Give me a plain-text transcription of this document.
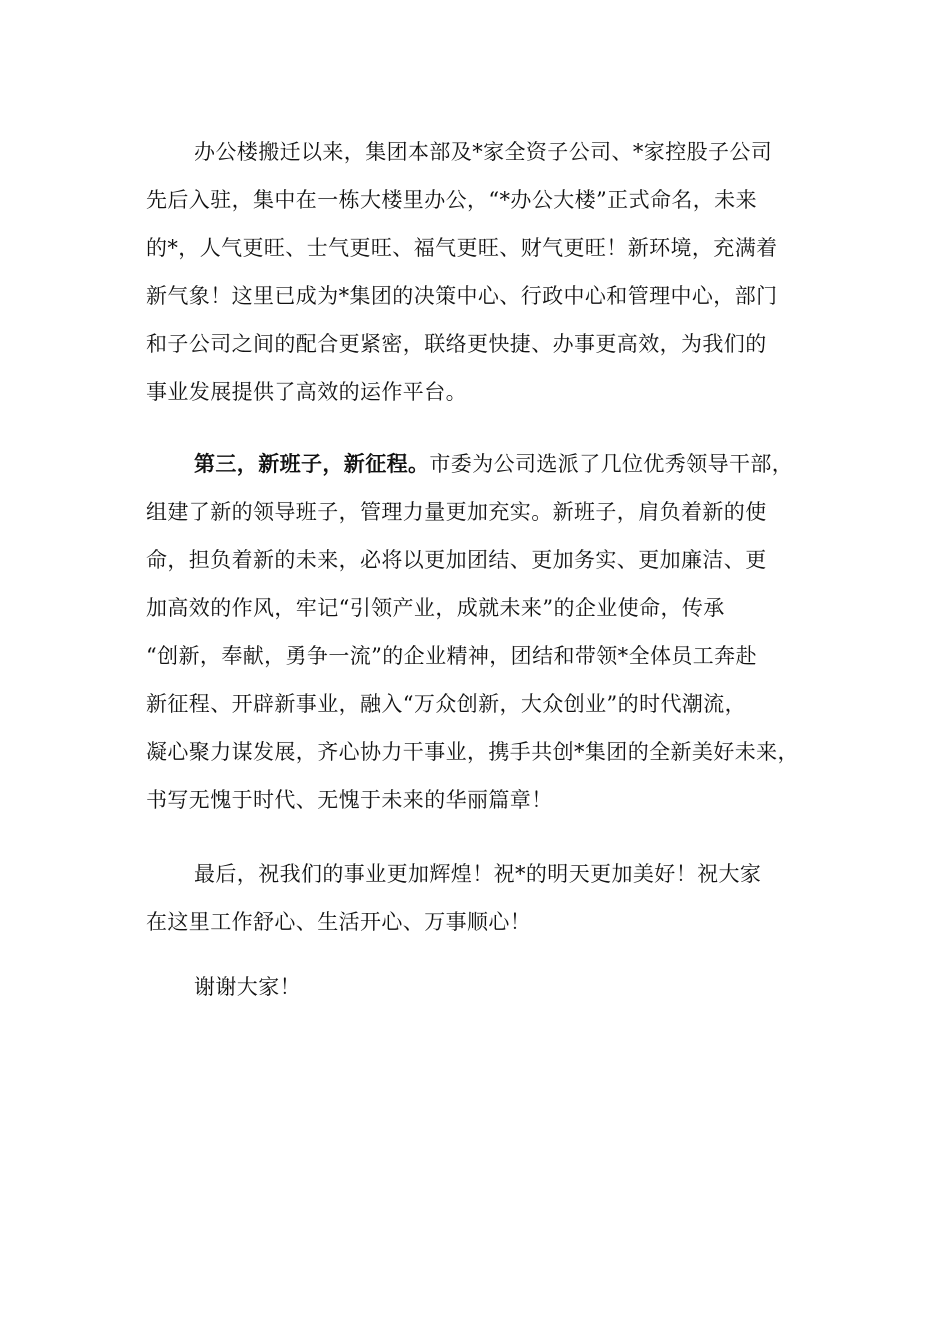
办公楼搬迁以来，集团本部及*家全资子公司、*家控股子公司
先后入驻，集中在一栋大楼里办公，“*办公大楼”正式命名，未来
的*，人气更旺、士气更旺、福气更旺、财气更旺！新环境，充满着
新气象！这里已成为*集团的决策中心、行政中心和管理中心，部门
和子公司之间的配合更紧密，联络更快捷、办事更高效，为我们的
事业发展提供了高效的运作平台。
第三，新班子，新征程。市委为公司选派了几位优秀领导干部，
组建了新的领导班子，管理力量更加充实。新班子，肩负着新的使
命，担负着新的未来，必将以更加团结、更加务实、更加廉洁、更
加高效的作风，牢记“引领产业，成就未来”的企业使命，传承
“创新，奉献，勇争一流”的企业精神，团结和带领*全体员工奔赴
新征程、开辟新事业，融入“万众创新，大众创业”的时代潮流，
凝心聚力谋发展，齐心协力干事业，携手共创*集团的全新美好未来，
书写无愧于时代、无愧于未来的华丽篇章！
最后，祝我们的事业更加辉煌！祝*的明天更加美好！祝大家
在这里工作舒心、生活开心、万事顺心！
谢谢大家！
